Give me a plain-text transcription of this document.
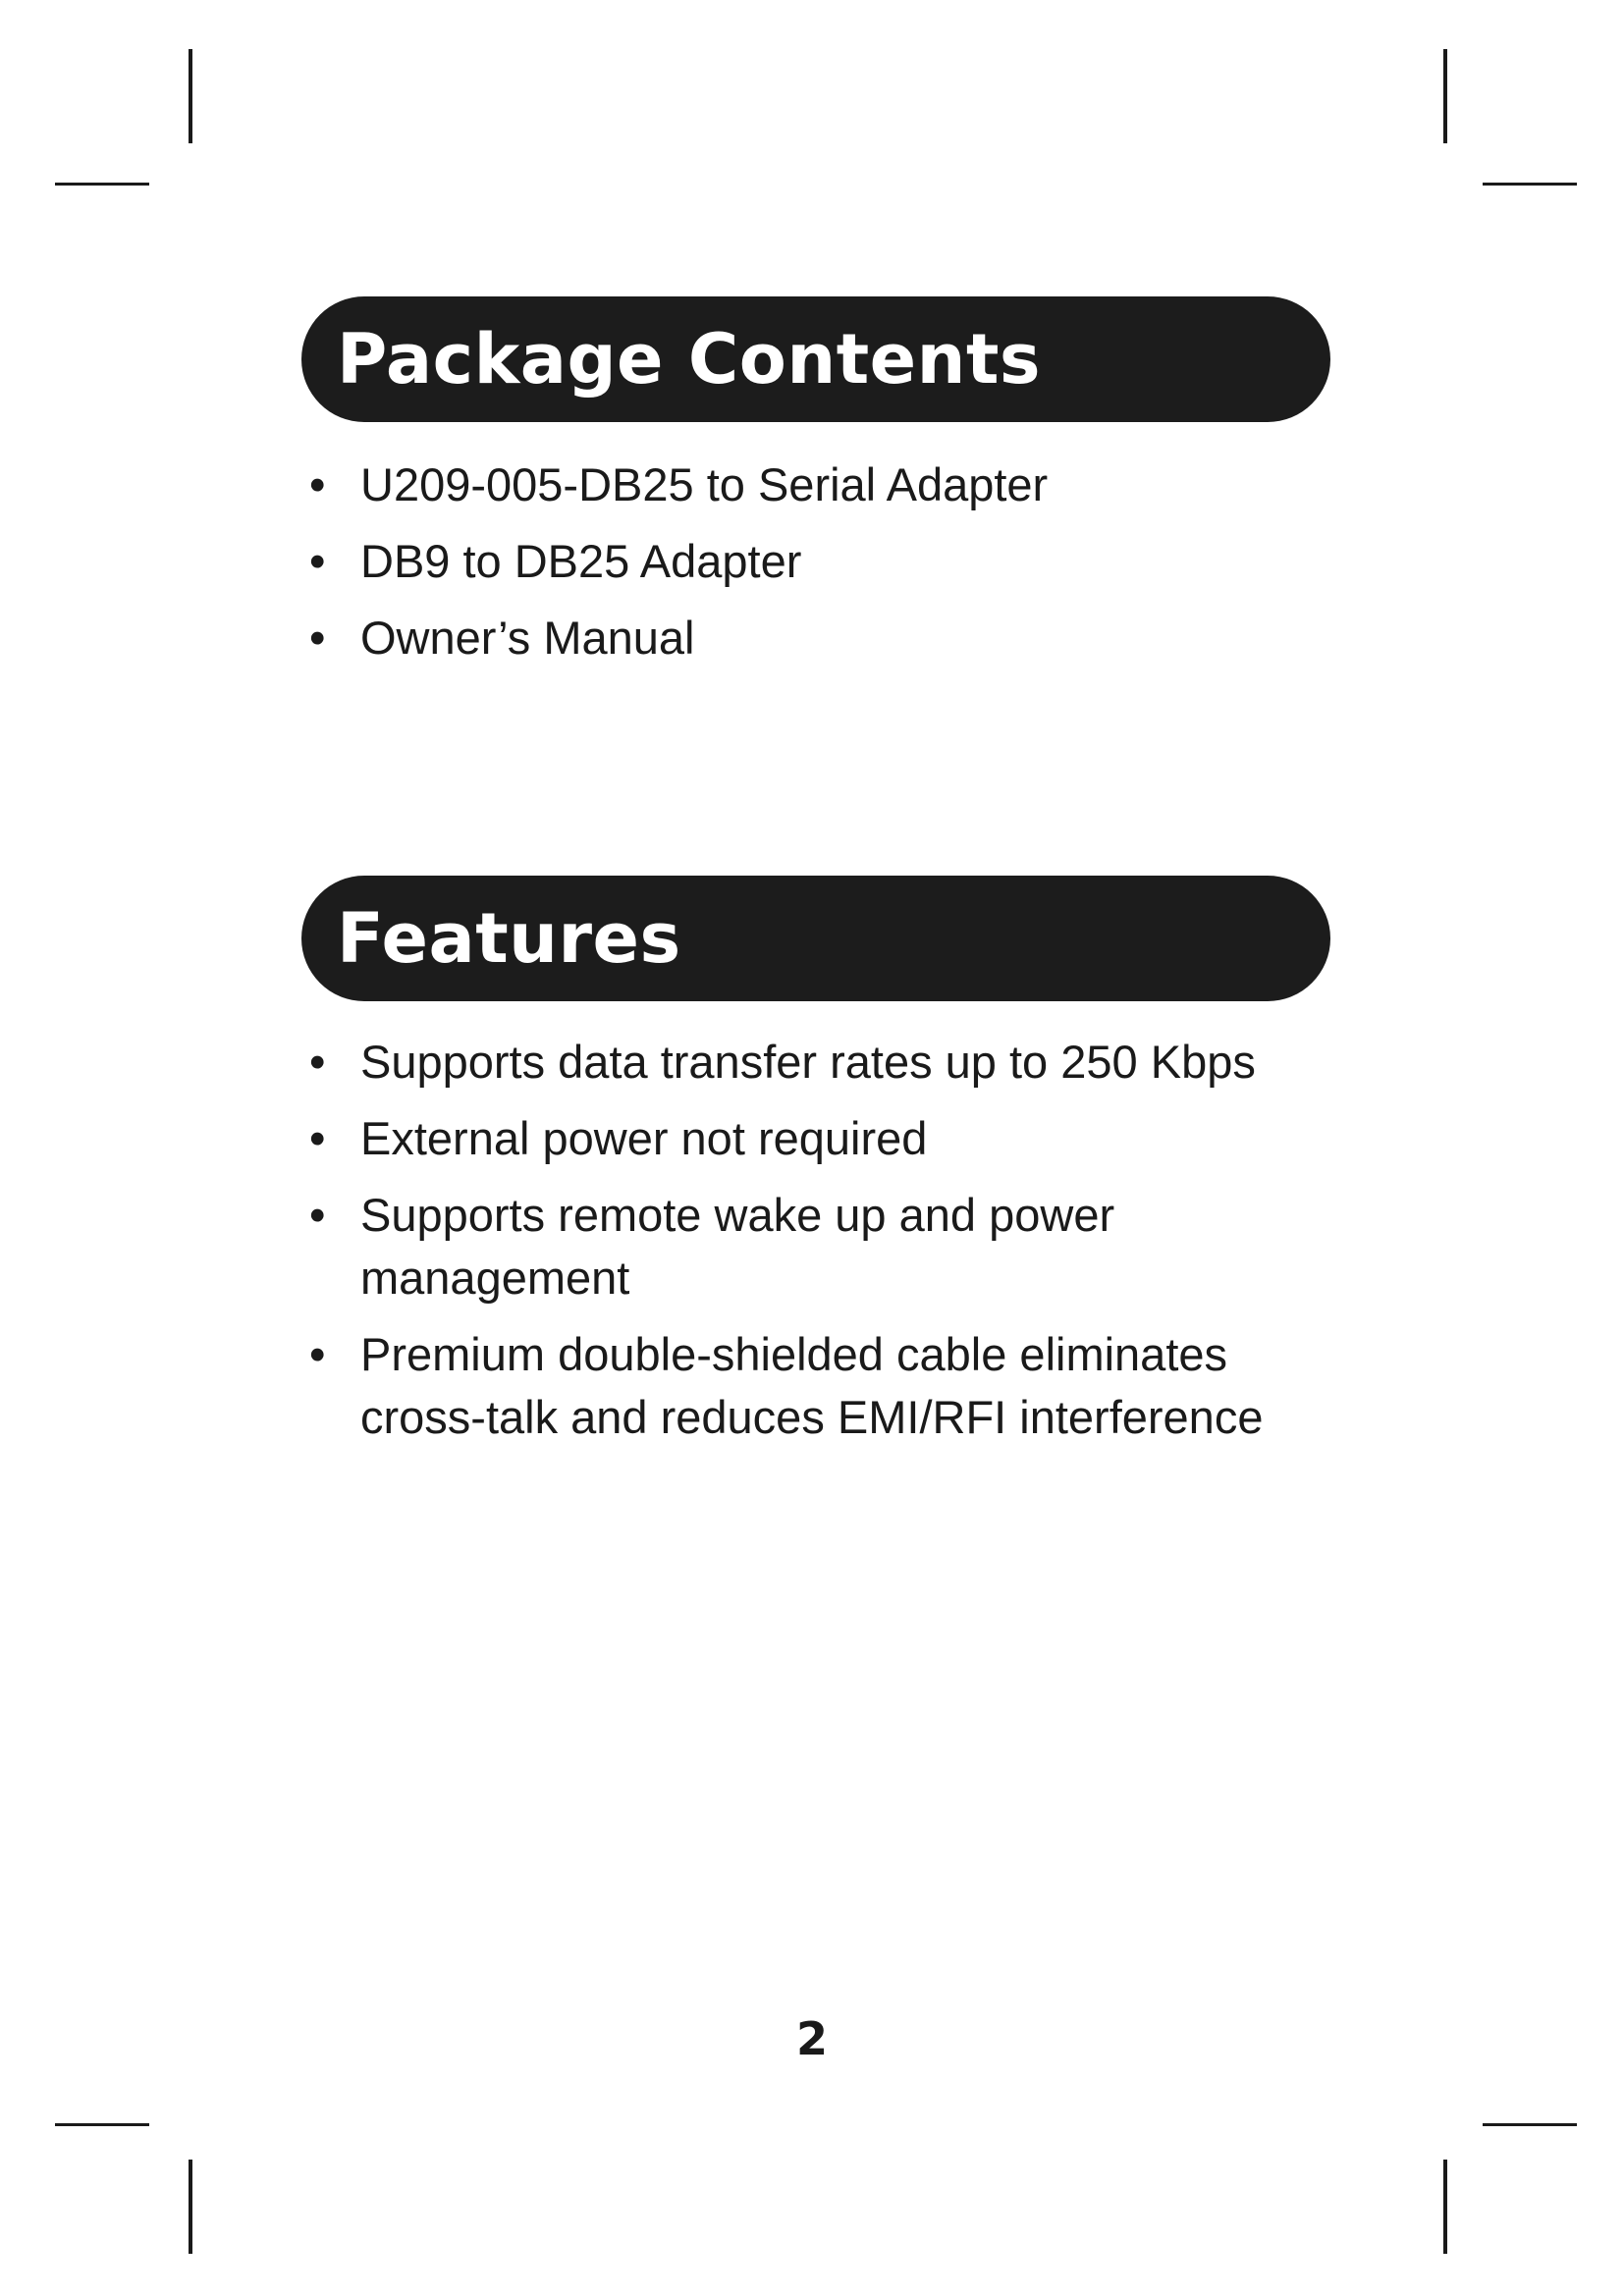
Package Contents
• U209-005-DB25 to Serial Adapter
• DB9 to DB25 Adapter
• Owner’s Manual
Features
• Supports data transfer rates up to 250 Kbps
• External power not required
• Supports remote wake up and power management
• Premium double-shielded cable eliminates cross-talk and reduces EMI/RFI interference
2
